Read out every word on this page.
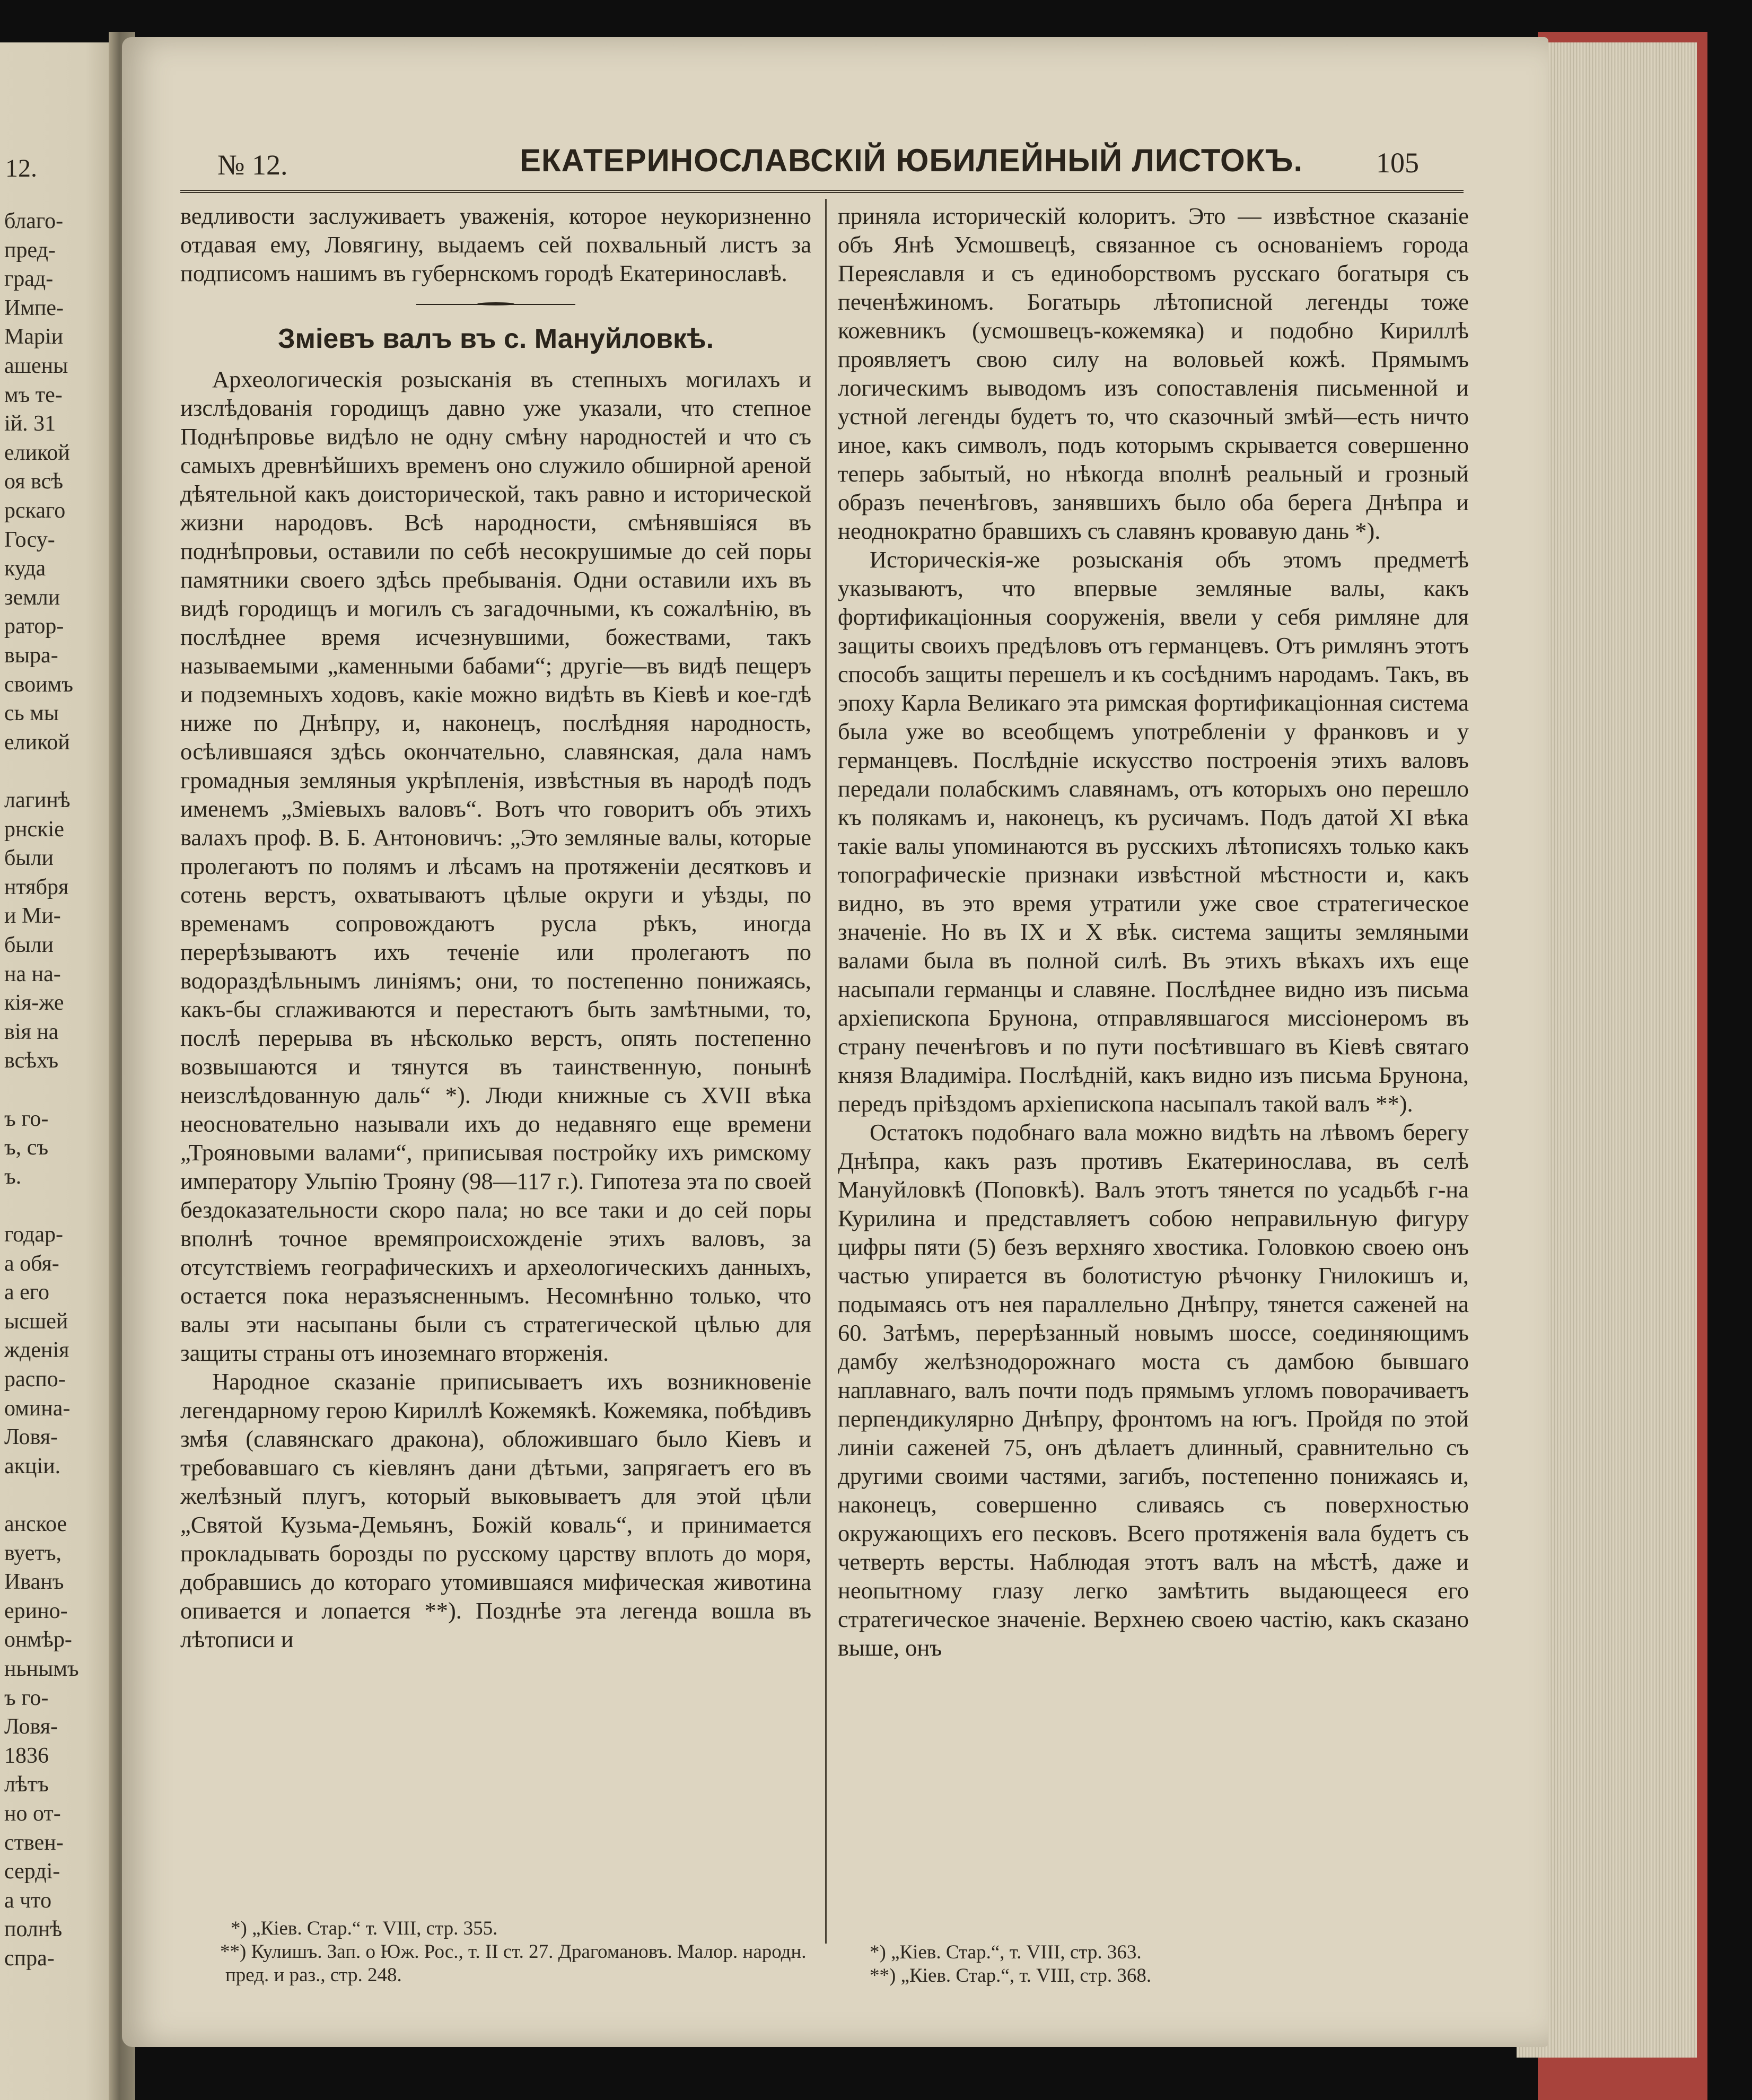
12.
благо-
пред-
град-
Импе-
Маріи
ашены
мъ те-
ій. 31
еликой
оя всѣ
рскаго
Госу-
куда
земли
ратор-
выра-
своимъ
сь мы
еликой
лагинѣ
рнскіе
были
нтября
и Ми-
были
на на-
кія-же
вія на
всѣхъ
ъ го-
ъ, съ
ъ.
годар-
а обя-
а его
ысшей
жденія
распо-
омина-
Ловя-
акціи.
анское
вуетъ,
Иванъ
ерино-
онмѣр-
ньнымъ
ъ го-
Ловя-
1836
лѣтъ
но от-
ствен-
серді-
а что
полнѣ
спра-
№ 12.	ЕКАТЕРИНОСЛАВСКІЙ ЮБИЛЕЙНЫЙ ЛИСТОКЪ.	105

ведливости заслуживаетъ уваженія, которое неукоризненно отдавая ему, Ловягину, выдаемъ сей похвальный листъ за подписомъ нашимъ въ губернскомъ городѣ Екатеринославѣ.

Зміевъ валъ въ с. Мануйловкѣ.

Археологическія розысканія въ степныхъ могилахъ и изслѣдованія городищъ давно уже указали, что степное Поднѣпровье видѣло не одну смѣну народностей и что съ самыхъ древнѣйшихъ временъ оно служило обширной ареной дѣятельной какъ доисторической, такъ равно и исторической жизни народовъ. Всѣ народности, смѣнявшіяся въ поднѣпровьи, оставили по себѣ несокрушимые до сей поры памятники своего здѣсь пребыванія. Одни оставили ихъ въ видѣ городищъ и могилъ съ загадочными, къ сожалѣнію, въ послѣднее время исчезнувшими, божествами, такъ называемыми „каменными бабами“; другіе—въ видѣ пещеръ и подземныхъ ходовъ, какіе можно видѣть въ Кіевѣ и кое-гдѣ ниже по Днѣпру, и, наконецъ, послѣдняя народность, осѣлившаяся здѣсь окончательно, славянская, дала намъ громадныя земляныя укрѣпленія, извѣстныя въ народѣ подъ именемъ „Зміевыхъ валовъ“. Вотъ что говоритъ объ этихъ валахъ проф. В. Б. Антоновичъ: „Это земляные валы, которые пролегаютъ по полямъ и лѣсамъ на протяженіи десятковъ и сотень верстъ, охватываютъ цѣлые округи и уѣзды, по временамъ сопровождаютъ русла рѣкъ, иногда перерѣзываютъ ихъ теченіе или пролегаютъ по водораздѣльнымъ линіямъ; они, то постепенно понижаясь, какъ-бы сглаживаются и перестаютъ быть замѣтными, то, послѣ перерыва въ нѣсколько верстъ, опять постепенно возвышаются и тянутся въ таинственную, понынѣ неизслѣдованную даль“ *). Люди книжные съ XVII вѣка неосновательно называли ихъ до недавняго еще времени „Трояновыми валами“, приписывая постройку ихъ римскому императору Ульпію Трояну (98—117 г.). Гипотеза эта по своей бездоказательности скоро пала; но все таки и до сей поры вполнѣ точное времяпроисхожденіе этихъ валовъ, за отсутствіемъ географическихъ и археологическихъ данныхъ, остается пока неразъясненнымъ. Несомнѣнно только, что валы эти насыпаны были съ стратегической цѣлью для защиты страны отъ иноземнаго вторженія.

Народное сказаніе приписываетъ ихъ возникновеніе легендарному герою Кириллѣ Кожемякѣ. Кожемяка, побѣдивъ змѣя (славянскаго дракона), обложившаго было Кіевъ и требовавшаго съ кіевлянъ дани дѣтьми, запрягаетъ его въ желѣзный плугъ, который выковываетъ для этой цѣли „Святой Кузьма-Демьянъ, Божій коваль“, и принимается прокладывать борозды по русскому царству вплоть до моря, добравшись до котораго утомившаяся мифическая животина опивается и лопается **). Позднѣе эта легенда вошла въ лѣтописи и

приняла историческій колоритъ. Это — извѣстное сказаніе объ Янѣ Усмошвецѣ, связанное съ основаніемъ города Переяславля и съ единоборствомъ русскаго богатыря съ печенѣжиномъ. Богатырь лѣтописной легенды тоже кожевникъ (усмошвецъ-кожемяка) и подобно Кириллѣ проявляетъ свою силу на воловьей кожѣ. Прямымъ логическимъ выводомъ изъ сопоставленія письменной и устной легенды будетъ то, что сказочный змѣй—есть ничто иное, какъ символъ, подъ которымъ скрывается совершенно теперь забытый, но нѣкогда вполнѣ реальный и грозный образъ печенѣговъ, занявшихъ было оба берега Днѣпра и неоднократно бравшихъ съ славянъ кровавую дань *).

Историческія-же розысканія объ этомъ предметѣ указываютъ, что впервые земляные валы, какъ фортификаціонныя сооруженія, ввели у себя римляне для защиты своихъ предѣловъ отъ германцевъ. Отъ римлянъ этотъ способъ защиты перешелъ и къ сосѣднимъ народамъ. Такъ, въ эпоху Карла Великаго эта римская фортификаціонная система была уже во всеобщемъ употребленіи у франковъ и у германцевъ. Послѣдніе искусство построенія этихъ валовъ передали полабскимъ славянамъ, отъ которыхъ оно перешло къ полякамъ и, наконецъ, къ русичамъ. Подъ датой XI вѣка такіе валы упоминаются въ русскихъ лѣтописяхъ только какъ топографическіе признаки извѣстной мѣстности и, какъ видно, въ это время утратили уже свое стратегическое значеніе. Но въ IX и X вѣк. система защиты земляными валами была въ полной силѣ. Въ этихъ вѣкахъ ихъ еще насыпали германцы и славяне. Послѣднее видно изъ письма архіепископа Брунона, отправлявшагося миссіонеромъ въ страну печенѣговъ и по пути посѣтившаго въ Кіевѣ святаго князя Владиміра. Послѣдній, какъ видно изъ письма Брунона, передъ пріѣздомъ архіепископа насыпалъ такой валъ **).

Остатокъ подобнаго вала можно видѣть на лѣвомъ берегу Днѣпра, какъ разъ противъ Екатеринослава, въ селѣ Мануйловкѣ (Поповкѣ). Валъ этотъ тянется по усадьбѣ г-на Курилина и представляетъ собою неправильную фигуру цифры пяти (5) безъ верхняго хвостика. Головкою своею онъ частью упирается въ болотистую рѣчонку Гнилокишъ и, подымаясь отъ нея параллельно Днѣпру, тянется саженей на 60. Затѣмъ, перерѣзанный новымъ шоссе, соединяющимъ дамбу желѣзнодорожнаго моста съ дамбою бывшаго наплавнаго, валъ почти подъ прямымъ угломъ поворачиваетъ перпендикулярно Днѣпру, фронтомъ на югъ. Пройдя по этой линіи саженей 75, онъ дѣлаетъ длинный, сравнительно съ другими своими частями, загибъ, постепенно понижаясь и, наконецъ, совершенно сливаясь съ поверхностью окружающихъ его песковъ. Всего протяженія вала будетъ съ четверть версты. Наблюдая этотъ валъ на мѣстѣ, даже и неопытному глазу легко замѣтить выдающееся его стратегическое значеніе. Верхнею своею частію, какъ сказано выше, онъ

*) „Кіев. Стар.“ т. VIII, стр. 355.
**) Кулишъ. Зап. о Юж. Рос., т. II ст. 27. Драгомановъ. Малор. народн. пред. и раз., стр. 248.
*) „Кіев. Стар.“, т. VIII, стр. 363.
**) „Кіев. Стар.“, т. VIII, стр. 368.
